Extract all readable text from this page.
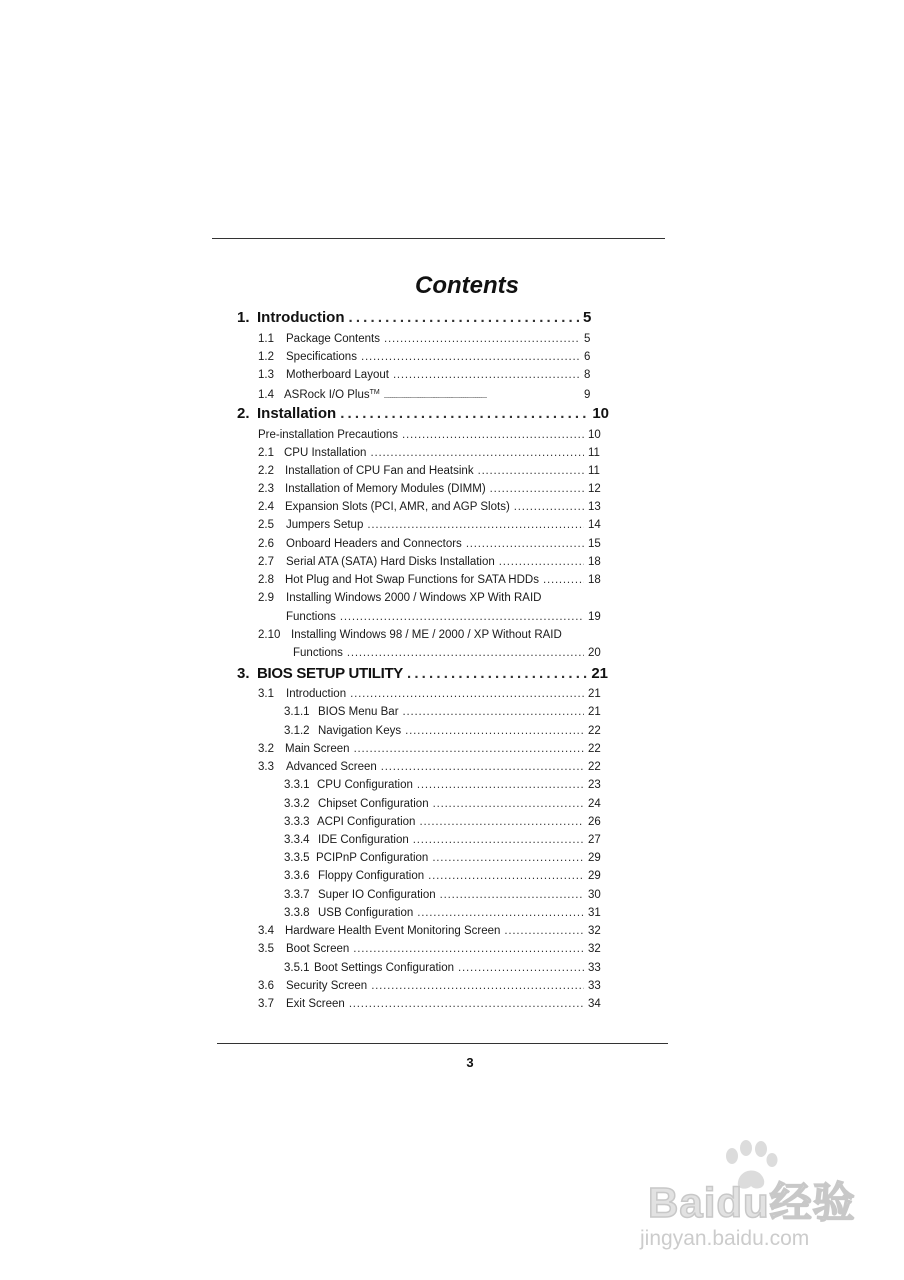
Contents
1. Introduction . . .	5
1.1	Package Contents . . .	5
1.2	Specifications . . .	6
1.3	Motherboard Layout . . .	8
1.4 ASRock I/O Plus™ . . .	9
2. Installation . . .	10
Pre-installation Precautions . . .	10
2.1 CPU Installation . . .	11
2.2 Installation of CPU Fan and Heatsink . . .	11
2.3 Installation of Memory Modules (DIMM) . . .	12
2.4 Expansion Slots (PCI, AMR, and AGP Slots) . . .	13
2.5	Jumpers Setup . . .	14
2.6	Onboard Headers and Connectors . . .	15
2.7	Serial ATA (SATA) Hard Disks Installation . . .	18
2.8 Hot Plug and Hot Swap Functions for SATA HDDs . . .	18
2.9 Installing Windows 2000 / Windows XP With RAID
Functions . . .	19
2.10 Installing Windows 98 / ME / 2000 / XP Without RAID
Functions . . .	20
3. BIOS SETUP UTILITY . . .	21
3.1	Introduction . . .	21
3.1.1 BIOS Menu Bar . . .	21
3.1.2 Navigation Keys . . .	22
3.2 Main Screen . . .	22
3.3	Advanced Screen . . .	22
3.3.1 CPU Configuration . . .	23
3.3.2 Chipset Configuration . . .	24
3.3.3 ACPI Configuration . . .	26
3.3.4 IDE Configuration . . .	27
3.3.5 PCIPnP Configuration . . .	29
3.3.6 Floppy Configuration . . .	29
3.3.7 Super IO Configuration . . .	30
3.3.8 USB Configuration . . .	31
3.4 Hardware Health Event Monitoring Screen . . .	32
3.5	Boot Screen . . .	32
3.5.1 Boot Settings Configuration . . .	33
3.6	Security Screen . . .	33
3.7	Exit Screen . . .	34
3
Baidu经验
jingyan.baidu.com
